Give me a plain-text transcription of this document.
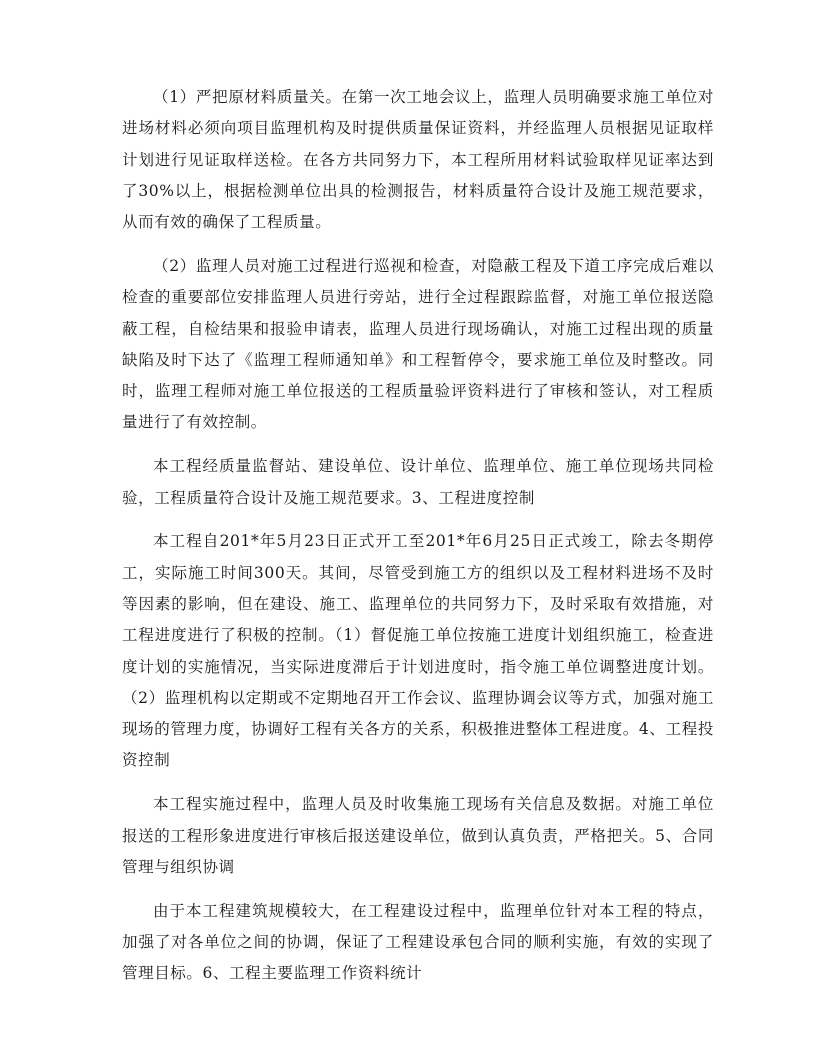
（1）严把原材料质量关。在第一次工地会议上，监理人员明确要求施工单位对进场材料必须向项目监理机构及时提供质量保证资料，并经监理人员根据见证取样计划进行见证取样送检。在各方共同努力下，本工程所用材料试验取样见证率达到了30%以上，根据检测单位出具的检测报告，材料质量符合设计及施工规范要求，从而有效的确保了工程质量。

（2）监理人员对施工过程进行巡视和检查，对隐蔽工程及下道工序完成后难以检查的重要部位安排监理人员进行旁站，进行全过程跟踪监督，对施工单位报送隐蔽工程，自检结果和报验申请表，监理人员进行现场确认，对施工过程出现的质量缺陷及时下达了《监理工程师通知单》和工程暂停令，要求施工单位及时整改。同时，监理工程师对施工单位报送的工程质量验评资料进行了审核和签认，对工程质量进行了有效控制。

本工程经质量监督站、建设单位、设计单位、监理单位、施工单位现场共同检验，工程质量符合设计及施工规范要求。3、工程进度控制

本工程自201*年5月23日正式开工至201*年6月25日正式竣工，除去冬期停工，实际施工时间300天。其间，尽管受到施工方的组织以及工程材料进场不及时等因素的影响，但在建设、施工、监理单位的共同努力下，及时采取有效措施，对工程进度进行了积极的控制。（1）督促施工单位按施工进度计划组织施工，检查进度计划的实施情况，当实际进度滞后于计划进度时，指令施工单位调整进度计划。（2）监理机构以定期或不定期地召开工作会议、监理协调会议等方式，加强对施工现场的管理力度，协调好工程有关各方的关系，积极推进整体工程进度。4、工程投资控制

本工程实施过程中，监理人员及时收集施工现场有关信息及数据。对施工单位报送的工程形象进度进行审核后报送建设单位，做到认真负责，严格把关。5、合同管理与组织协调

由于本工程建筑规模较大，在工程建设过程中，监理单位针对本工程的特点，加强了对各单位之间的协调，保证了工程建设承包合同的顺利实施，有效的实现了管理目标。6、工程主要监理工作资料统计
